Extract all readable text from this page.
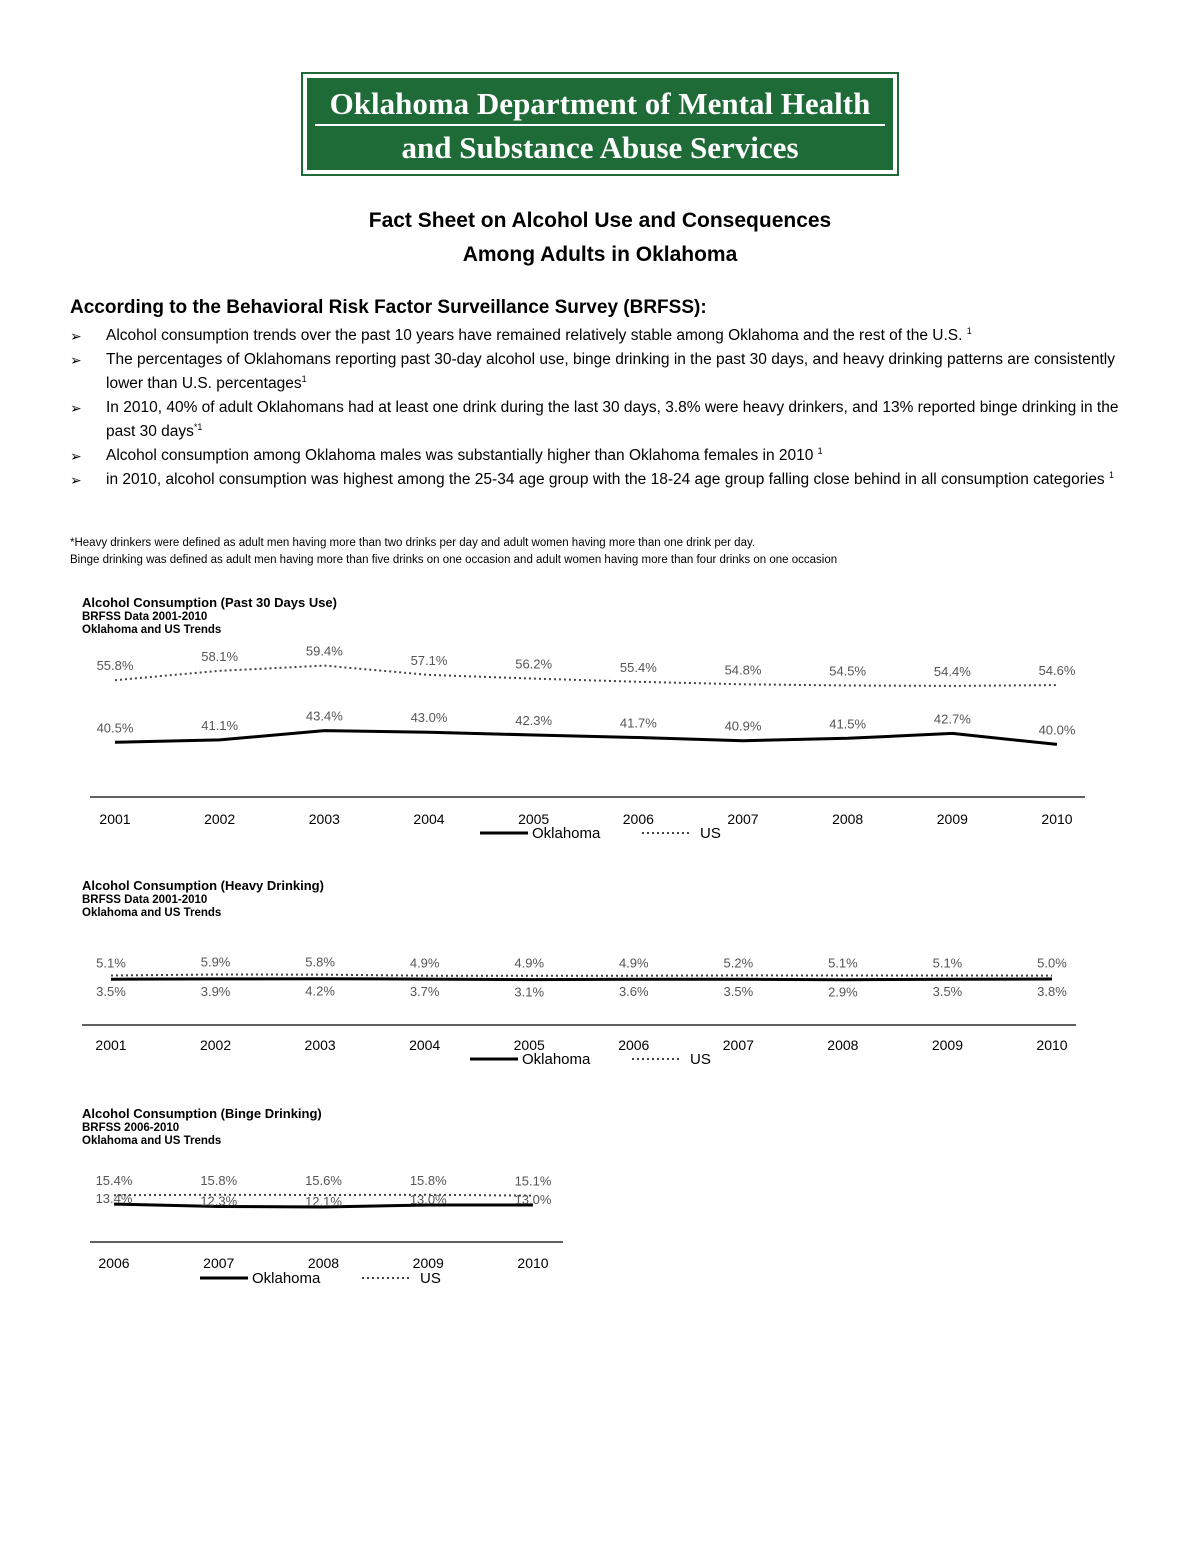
Oklahoma Department of Mental Health
and Substance Abuse Services
Fact Sheet on Alcohol Use and Consequences
Among Adults in Oklahoma
According to the Behavioral Risk Factor Surveillance Survey (BRFSS):
➢ Alcohol consumption trends over the past 10 years have remained relatively stable among Oklahoma and the rest of the U.S. $^1$
➢ The percentages of Oklahomans reporting past 30-day alcohol use, binge drinking in the past 30 days, and heavy drinking patterns are consistently lower than U.S. percentages$^1$
➢ In 2010, 40% of adult Oklahomans had at least one drink during the last 30 days, 3.8% were heavy drinkers, and 13% reported binge drinking in the past 30 days$^{*1}$
➢ Alcohol consumption among Oklahoma males was substantially higher than Oklahoma females in 2010 $^1$
➢ in 2010, alcohol consumption was highest among the 25-34 age group with the 18-24 age group falling close behind in all consumption categories $^1$
*Heavy drinkers were defined as adult men having more than two drinks per day and adult women having more than one drink per day.
Binge drinking was defined as adult men having more than five drinks on one occasion and adult women having more than four drinks on one occasion
Alcohol Consumption (Past 30 Days Use)
BRFSS Data 2001-2010
Oklahoma and US Trends
40.5%	41.1%
43.4%	43.0%	42.3%	41.7%	40.9%	41.5%	42.7%
40.0%
55.8%
58.1%	59.4%
57.1%	56.2%	55.4%	54.8%	54.5%	54.4%	54.6%
2001	2002	2003	2004	2005	2006	2007	2008	2009	2010
Oklahoma	US
Alcohol Consumption (Heavy Drinking)
BRFSS Data 2001-2010
Oklahoma and US Trends
3.5%	3.9%	4.2%	3.7%	3.1%	3.6%	3.5%	2.9%	3.5%	3.8%
5.1%	5.9%	5.8%	4.9%	4.9%	4.9%	5.2%	5.1%	5.1%	5.0%
2001	2002	2003	2004	2005	2006	2007	2008	2009	2010
Oklahoma	US
Alcohol Consumption (Binge Drinking)
BRFSS 2006-2010
Oklahoma and US Trends
13.4%	12.3%	12.1%	13.0%	13.0%
15.4%	15.8%	15.6%	15.8%	15.1%
2006	2007	2008	2009	2010
Oklahoma	US
